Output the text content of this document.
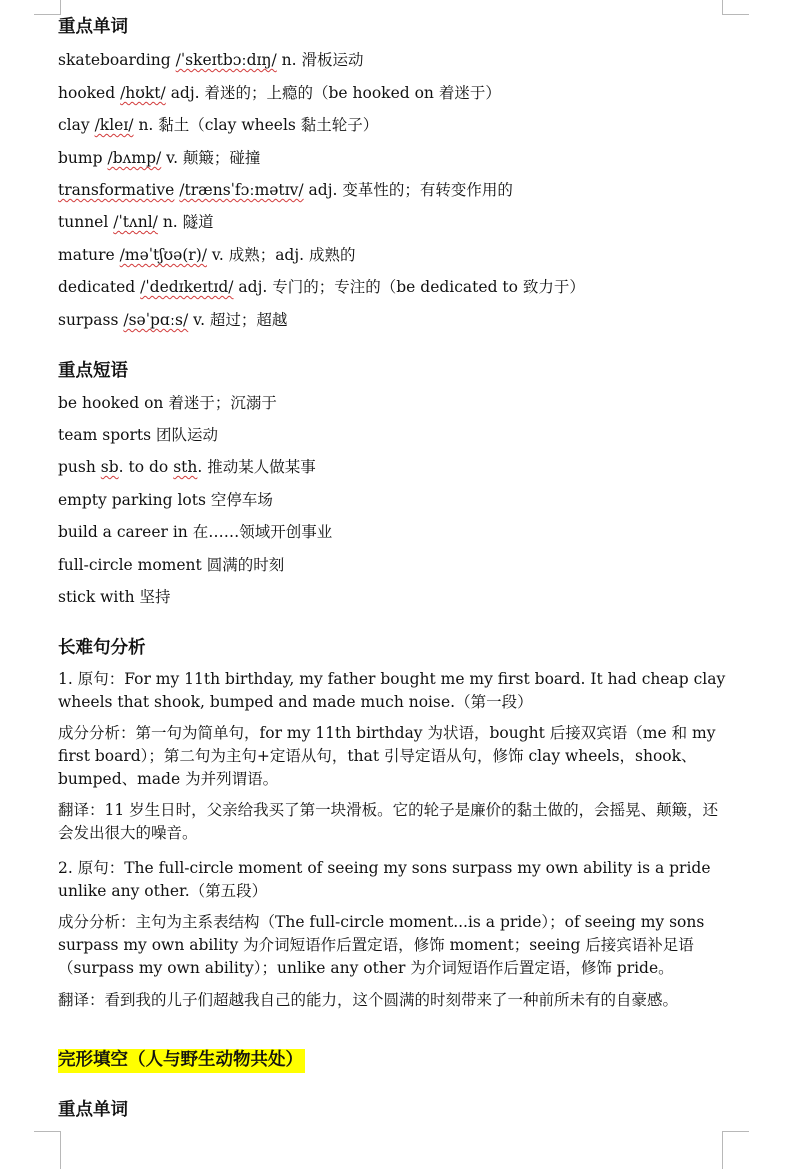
重点单词
skateboarding /ˈskeɪtbɔːdɪŋ/ n. 滑板运动
hooked /hʊkt/ adj. 着迷的；上瘾的（be hooked on 着迷于）
clay /kleɪ/ n. 黏土（clay wheels 黏土轮子）
bump /bʌmp/ v. 颠簸；碰撞
transformative /trænsˈfɔːmətɪv/ adj. 变革性的；有转变作用的
tunnel /ˈtʌnl/ n. 隧道
mature /məˈtʃʊə(r)/ v. 成熟；adj. 成熟的
dedicated /ˈdedɪkeɪtɪd/ adj. 专门的；专注的（be dedicated to 致力于）
surpass /səˈpɑːs/ v. 超过；超越
重点短语
be hooked on 着迷于；沉溺于
team sports 团队运动
push sb. to do sth. 推动某人做某事
empty parking lots 空停车场
build a career in 在……领域开创事业
full-circle moment 圆满的时刻
stick with 坚持
长难句分析
1. 原句：For my 11th birthday, my father bought me my first board. It had cheap clay wheels that shook, bumped and made much noise.（第一段）
成分分析：第一句为简单句，for my 11th birthday 为状语，bought 后接双宾语（me 和 my first board）；第二句为主句+定语从句，that 引导定语从句，修饰 clay wheels，shook、bumped、made 为并列谓语。
翻译：11 岁生日时，父亲给我买了第一块滑板。它的轮子是廉价的黏土做的，会摇晃、颠簸，还会发出很大的噪音。
2. 原句：The full-circle moment of seeing my sons surpass my own ability is a pride unlike any other.（第五段）
成分分析：主句为主系表结构（The full-circle moment...is a pride）；of seeing my sons surpass my own ability 为介词短语作后置定语，修饰 moment；seeing 后接宾语补足语（surpass my own ability）；unlike any other 为介词短语作后置定语，修饰 pride。
翻译：看到我的儿子们超越我自己的能力，这个圆满的时刻带来了一种前所未有的自豪感。
完形填空（人与野生动物共处）
重点单词
